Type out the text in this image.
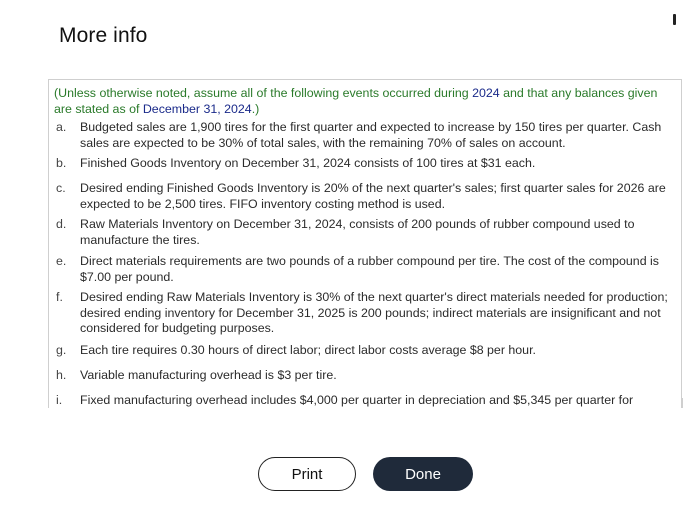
More info
(Unless otherwise noted, assume all of the following events occurred during 2024 and that any balances given are stated as of December 31, 2024.)
a.	Budgeted sales are 1,900 tires for the first quarter and expected to increase by 150 tires per quarter. Cash sales are expected to be 30% of total sales, with the remaining 70% of sales on account.
b.	Finished Goods Inventory on December 31, 2024 consists of 100 tires at $31 each.
c.	Desired ending Finished Goods Inventory is 20% of the next quarter's sales; first quarter sales for 2026 are expected to be 2,500 tires. FIFO inventory costing method is used.
d.	Raw Materials Inventory on December 31, 2024, consists of 200 pounds of rubber compound used to manufacture the tires.
e.	Direct materials requirements are two pounds of a rubber compound per tire. The cost of the compound is $7.00 per pound.
f.	Desired ending Raw Materials Inventory is 30% of the next quarter's direct materials needed for production; desired ending inventory for December 31, 2025 is 200 pounds; indirect materials are insignificant and not considered for budgeting purposes.
g.	Each tire requires 0.30 hours of direct labor; direct labor costs average $8 per hour.
h.	Variable manufacturing overhead is $3 per tire.
i.	Fixed manufacturing overhead includes $4,000 per quarter in depreciation and $5,345 per quarter for
Print	Done
